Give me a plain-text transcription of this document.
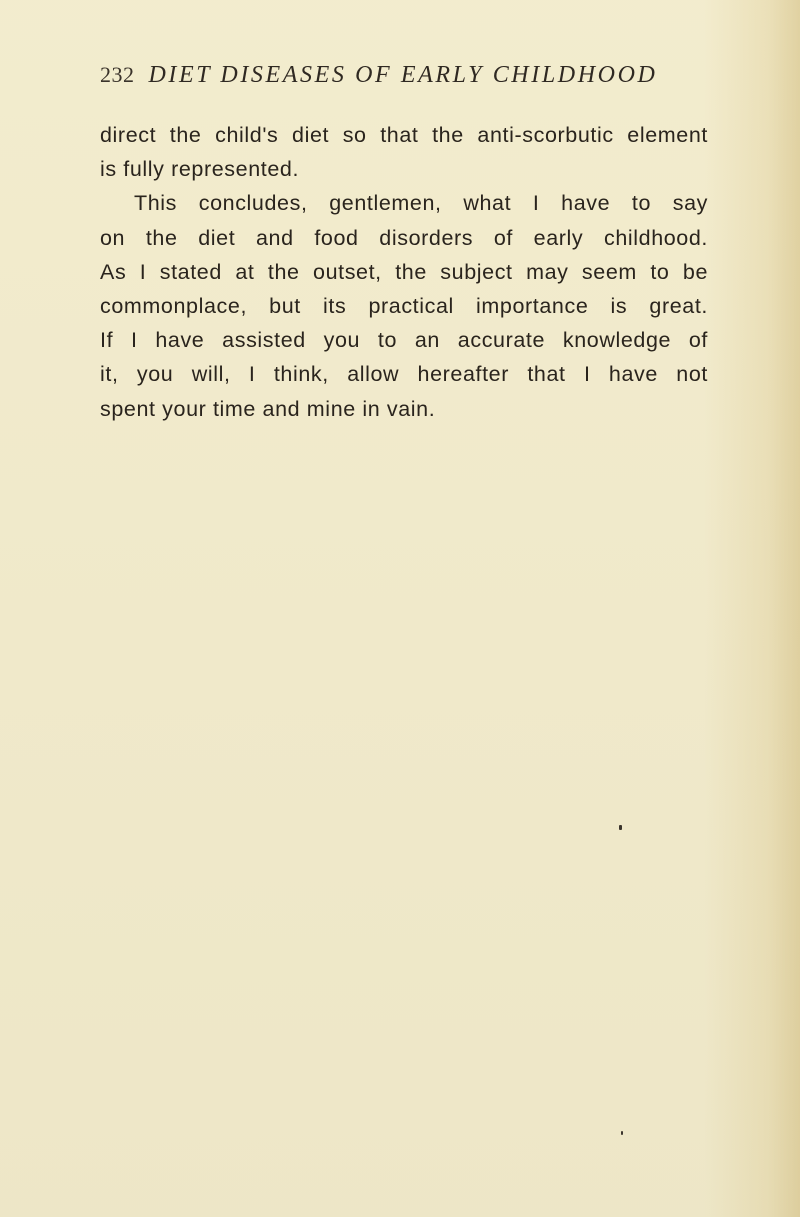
232 DIET DISEASES OF EARLY CHILDHOOD
direct the child's diet so that the anti-scorbutic element
is fully represented.
This concludes, gentlemen, what I have to say
on the diet and food disorders of early childhood.
As I stated at the outset, the subject may seem to be
commonplace, but its practical importance is great.
If I have assisted you to an accurate knowledge of
it, you will, I think, allow hereafter that I have not
spent your time and mine in vain.
